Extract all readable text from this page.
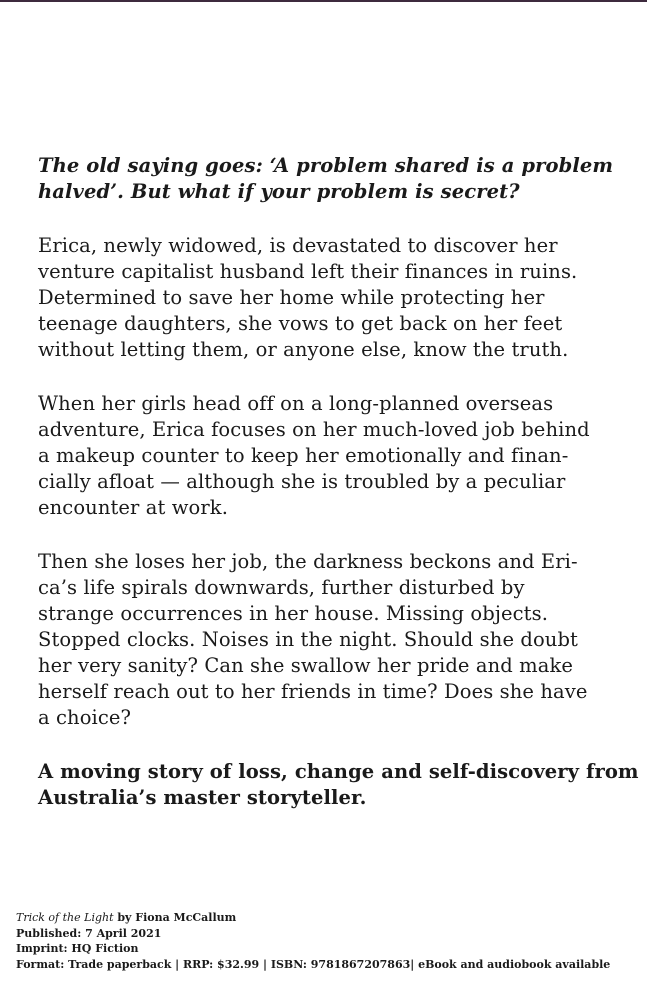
The old saying goes: ‘A problem shared is a problem
halved’. But what if your problem is secret?

Erica, newly widowed, is devastated to discover her
venture capitalist husband left their finances in ruins.
Determined to save her home while protecting her
teenage daughters, she vows to get back on her feet
without letting them, or anyone else, know the truth.

When her girls head off on a long-planned overseas
adventure, Erica focuses on her much-loved job behind
a makeup counter to keep her emotionally and finan-
cially afloat — although she is troubled by a peculiar
encounter at work.

Then she loses her job, the darkness beckons and Eri-
ca’s life spirals downwards, further disturbed by
strange occurrences in her house. Missing objects.
Stopped clocks. Noises in the night. Should she doubt
her very sanity? Can she swallow her pride and make
herself reach out to her friends in time? Does she have
a choice?

A moving story of loss, change and self-discovery from
Australia’s master storyteller.

Trick of the Light by Fiona McCallum
Published: 7 April 2021
Imprint: HQ Fiction
Format: Trade paperback | RRP: $32.99 | ISBN: 9781867207863| eBook and audiobook available
